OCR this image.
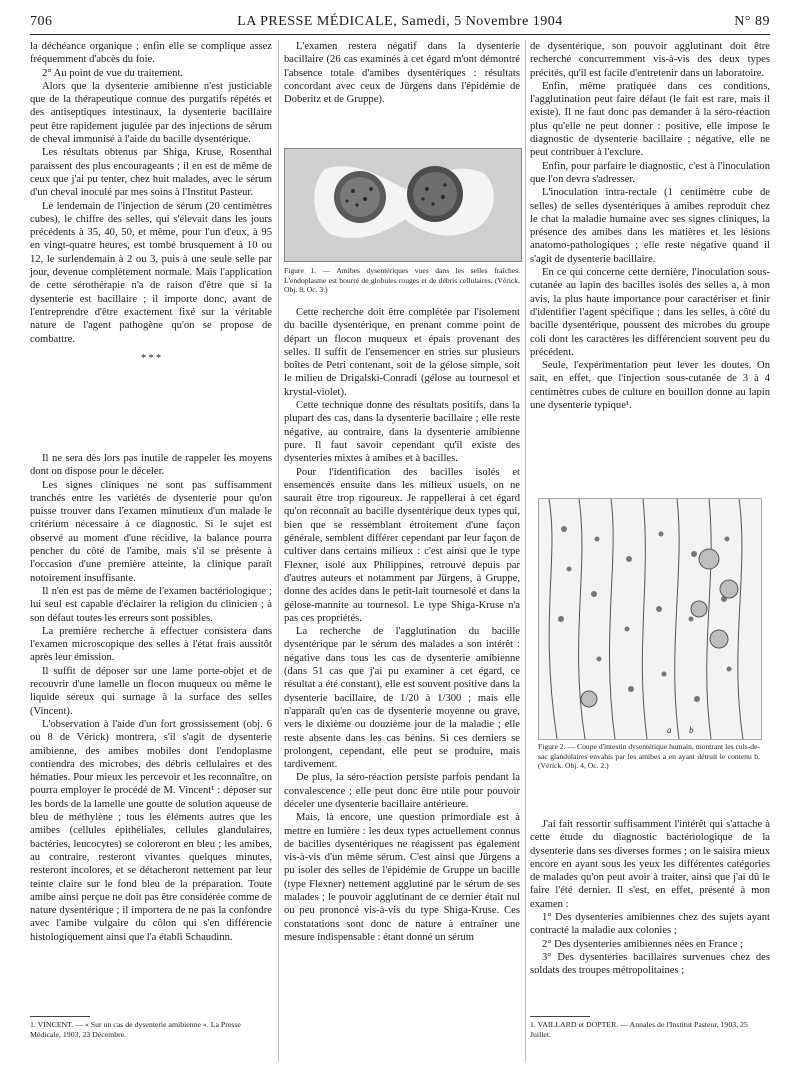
706	LA PRESSE MÉDICALE, Samedi, 5 Novembre 1904	N° 89

la déchéance organique ; enfin elle se complique assez fréquemment d'abcès du foie.

2° Au point de vue du traitement.

Alors que la dysenterie amibienne n'est justiciable que de la thérapeutique connue des purgatifs répétés et des antiseptiques intestinaux, la dysenterie bacillaire peut être rapidement jugulée par des injections de sérum de cheval immunisé à l'aide du bacille dysentérique.

Les résultats obtenus par Shiga, Kruse, Rosenthal paraissent des plus encourageants ; il en est de même de ceux que j'ai pu tenter, chez huit malades, avec le sérum d'un cheval inoculé par mes soins à l'Institut Pasteur.

Le lendemain de l'injection de sérum (20 centimètres cubes), le chiffre des selles, qui s'élevait dans les jours précédents à 35, 40, 50, et même, pour l'un d'eux, à 95 en vingt-quatre heures, est tombé brusquement à 10 ou 12, le surlendemain à 2 ou 3, puis à une seule selle par jour, devenue complètement normale. Mais l'application de cette sérothérapie n'a de raison d'être que si la dysenterie est bacillaire ; il importe donc, avant de l'entreprendre d'être exactement fixé sur la véritable nature de l'agent pathogène qu'on se propose de combattre.

* * *

Il ne sera dès lors pas inutile de rappeler les moyens dont on dispose pour le déceler.

Les signes cliniques ne sont pas suffisamment tranchés entre les variétés de dysenterie pour qu'on puisse trouver dans l'examen minutieux d'un malade le critérium nécessaire à ce diagnostic. Si le sujet est observé au moment d'une récidive, la balance pourra pencher du côté de l'amibe, mais s'il se présente à l'occasion d'une première atteinte, la clinique paraît notoirement insuffisante.

Il n'en est pas de même de l'examen bactériologique ; lui seul est capable d'éclairer la religion du clinicien ; à son défaut toutes les erreurs sont possibles.

La première recherche à effectuer consistera dans l'examen microscopique des selles à l'état frais aussitôt après leur émission.

Il suffit de déposer sur une lame porte-objet et de recouvrir d'une lamelle un flocon muqueux ou même le liquide séreux qui surnage à la surface des selles (Vincent).

L'observation à l'aide d'un fort grossissement (obj. 6 ou 8 de Vérick) montrera, s'il s'agit de dysenterie amibienne, des amibes mobiles dont l'endoplasme contiendra des microbes, des débris cellulaires et des hématies. Pour mieux les percevoir et les reconnaître, on pourra employer le procédé de M. Vincent¹ : déposer sur les bords de la lamelle une goutte de solution aqueuse de bleu de méthylène ; tous les éléments autres que les amibes (cellules épithéliales, cellules glandulaires, bactéries, leucocytes) se coloreront en bleu ; les amibes, au contraire, resteront vivantes quelques minutes, resteront incolores, et se détacheront nettement par leur teinte claire sur le fond bleu de la préparation. Toute amibe ainsi perçue ne doit pas être considérée comme de nature dysentérique ; il importera de ne pas la confondre avec l'amibe vulgaire du côlon qui s'en différencie histologiquement ainsi que l'a établi Schaudinn.

1. VINCENT. — « Sur un cas de dysenterie amibienne ». La Presse Médicale, 1903, 23 Décembre.

L'examen restera négatif dans la dysenterie bacillaire (26 cas examinés à cet égard m'ont démontré l'absence totale d'amibes dysentériques : résultats concordant avec ceux de Jürgens dans l'épidémie de Doberitz et de Gruppe).

Figure 1. — Amibes dysentériques vues dans les selles fraîches. L'endoplasme est bourré de globules rouges et de débris cellulaires. (Vérick. Obj. 8, Oc. 3.)

Cette recherche doit être complétée par l'isolement du bacille dysentérique, en prenant comme point de départ un flocon muqueux et épais provenant des selles. Il suffit de l'ensemencer en stries sur plusieurs boîtes de Petri contenant, soit de la gélose simple, soit le milieu de Drigalski-Conradi (gélose au tournesol et krystal-violet).

Cette technique donne des résultats positifs, dans la plupart des cas, dans la dysenterie bacillaire ; elle reste négative, au contraire, dans la dysenterie amibienne pure. Il faut savoir cependant qu'il existe des dysenteries mixtes à amibes et à bacilles.

Pour l'identification des bacilles isolés et ensemencés ensuite dans les milieux usuels, on ne saurait être trop rigoureux. Je rappellerai à cet égard qu'on reconnaît au bacille dysentérique deux types qui, bien que se ressemblant étroitement d'une façon générale, semblent différer cependant par leur façon de cultiver dans certains milieux : c'est ainsi que le type Flexner, isolé aux Philippines, retrouvé depuis par d'autres auteurs et notamment par Jürgens, à Gruppe, donne des acides dans le petit-lait tournesolé et dans la gélose-mannite au tournesol. Le type Shiga-Kruse n'a pas ces propriétés.

La recherche de l'agglutination du bacille dysentérique par le sérum des malades a son intérêt : négative dans tous les cas de dysenterie amibienne (dans 51 cas que j'ai pu examiner à cet égard, ce résultat a été constant), elle est souvent positive dans la dysenterie bacillaire, de 1/20 à 1/300 ; mais elle n'apparaît qu'en cas de dysenterie moyenne ou grave, vers le dixième ou douzième jour de la maladie ; elle reste absente dans les cas bénins. Si ces derniers se prolongent, cependant, elle peut se produire, mais tardivement.

De plus, la séro-réaction persiste parfois pendant la convalescence ; elle peut donc être utile pour pouvoir déceler une dysenterie bacillaire antérieure.

Mais, là encore, une question primordiale est à mettre en lumière : les deux types actuellement connus de bacilles dysentériques ne réagissent pas également vis-à-vis d'un même sérum. C'est ainsi que Jürgens a pu isoler des selles de l'épidémie de Gruppe un bacille (type Flexner) nettement agglutiné par le sérum de ses malades ; le pouvoir agglutinant de ce dernier était nul ou peu prononcé vis-à-vis du type Shiga-Kruse. Ces constatations sont donc de nature à entraîner une mesure indispensable : étant donné un sérum

de dysentérique, son pouvoir agglutinant doit être recherché concurremment vis-à-vis des deux types précités, qu'il est facile d'entretenir dans un laboratoire.

Enfin, même pratiquée dans ces conditions, l'agglutination peut faire défaut (le fait est rare, mais il existe). Il ne faut donc pas demander à la séro-réaction plus qu'elle ne peut donner : positive, elle impose le diagnostic de dysenterie bacillaire ; négative, elle ne peut contribuer à l'exclure.

Enfin, pour parfaire le diagnostic, c'est à l'inoculation que l'on devra s'adresser.

L'inoculation intra-rectale (1 centimètre cube de selles) de selles dysentériques à amibes reproduit chez le chat la maladie humaine avec ses signes cliniques, la présence des amibes dans les matières et les lésions anatomo-pathologiques ; elle reste négative quand il s'agit de dysenterie bacillaire.

En ce qui concerne cette dernière, l'inoculation sous-cutanée au lapin des bacilles isolés des selles a, à mon avis, la plus haute importance pour caractériser et finir d'identifier l'agent spécifique ; dans les selles, à côté du bacille dysentérique, poussent des microbes du groupe coli dont les caractères les différencient souvent peu du précédent.

Seule, l'expérimentation peut lever les doutes. On sait, en effet, que l'injection sous-cutanée de 3 à 4 centimètres cubes de culture en bouillon donne au lapin une dysenterie typique¹.

a b
Figure 2. — Coupe d'intestin dysentérique humain, montrant les culs-de-sac glandulaires envahis par les amibes a en ayant détruit le contenu b. (Vérick. Obj. 4, Oc. 2.)

J'ai fait ressortir suffisamment l'intérêt qui s'attache à cette étude du diagnostic bactériologique de la dysenterie dans ses diverses formes ; on le saisira mieux encore en ayant sous les yeux les différentes catégories de malades qu'on peut avoir à traiter, ainsi que j'ai dû le faire l'été dernier. Il s'est, en effet, présenté à mon examen :

1° Des dysenteries amibiennes chez des sujets ayant contracté la maladie aux colonies ;

2° Des dysenteries amibiennes nées en France ;

3° Des dysenteries bacillaires survenues chez des soldats des troupes métropolitaines ;

1. VAILLARD et DOPTER. — Annales de l'Institut Pasteur, 1903, 25 Juillet.
